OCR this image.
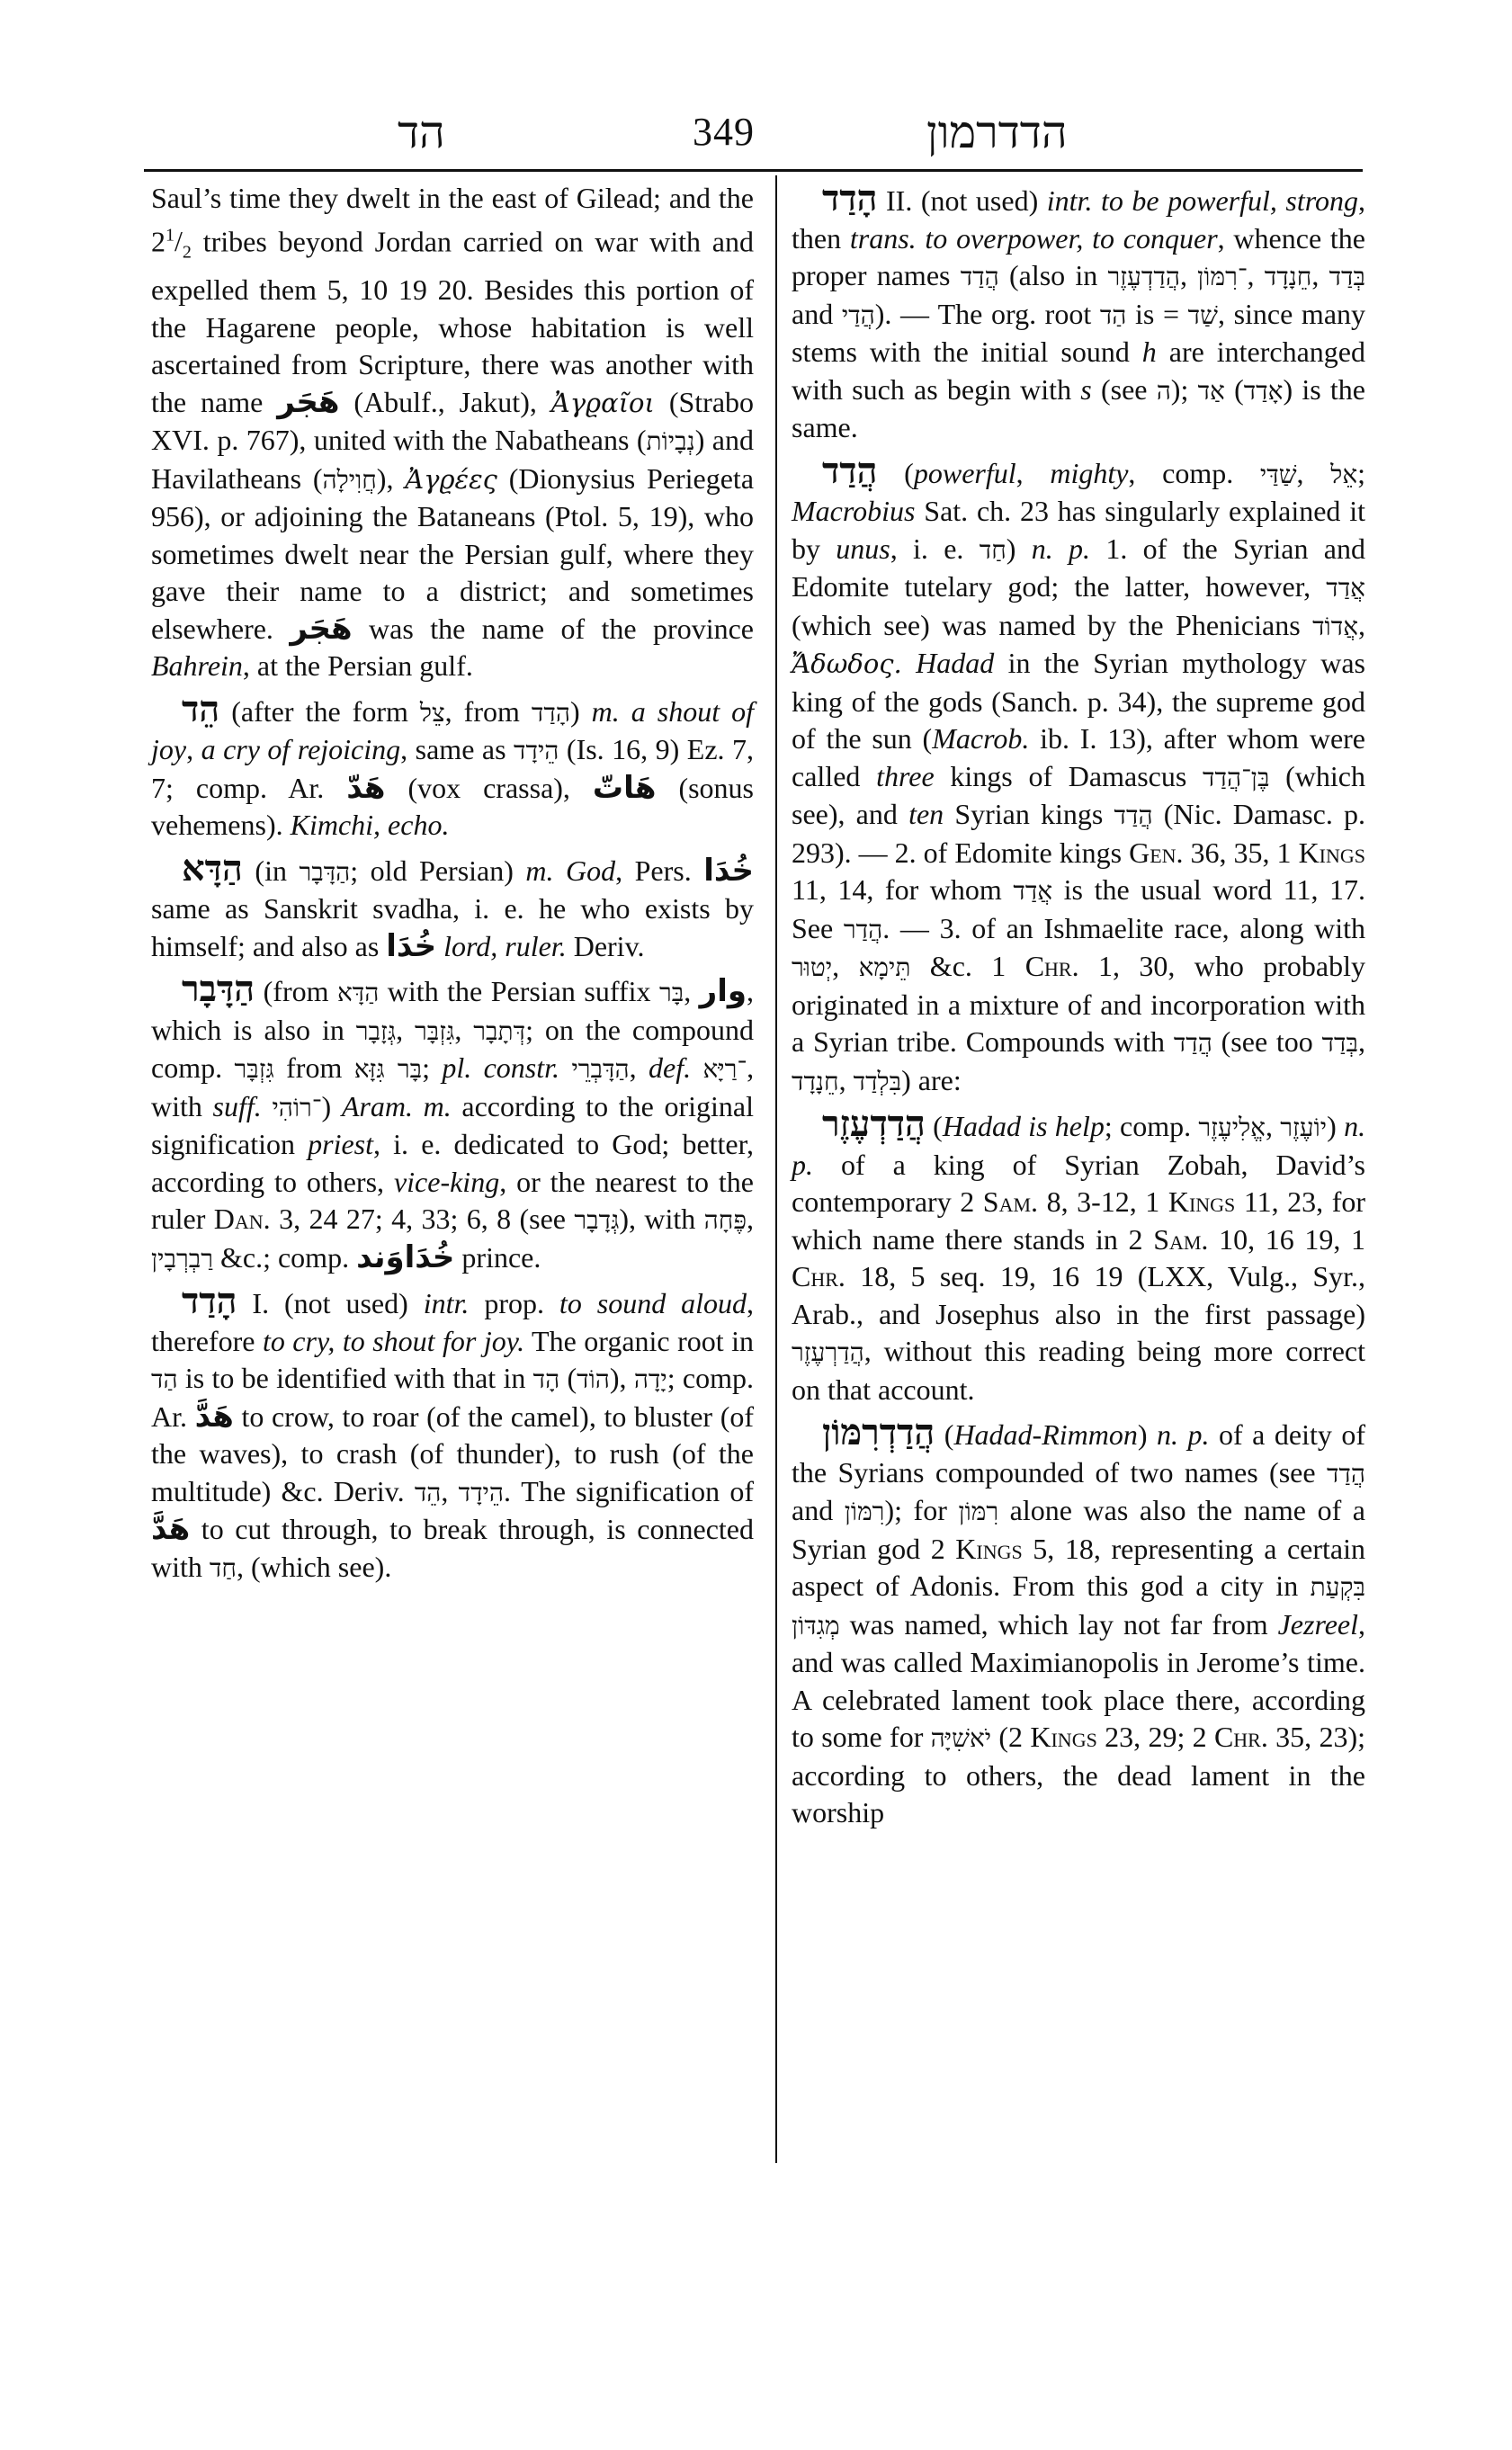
הד	349	הדדרמון

Saul’s time they dwelt in the east of Gilead; and the $2^1/_2$ tribes beyond Jordan carried on war with and expelled them 5, 10 19 20. Besides this portion of the Hagarene people, whose habitation is well ascertained from Scripture, there was another with the name هَجَر (Abulf., Jakut), Ἀγϱαῖοι (Strabo XVI. p. 767), united with the Nabatheans (נְבָיוֹת) and Havilatheans (חֲוִילָה), Ἀγϱέες (Dionysius Periegeta 956), or adjoining the Bataneans (Ptol. 5, 19), who sometimes dwelt near the Persian gulf, where they gave their name to a district; and sometimes elsewhere. هَجَر was the name of the province Bahrein, at the Persian gulf.

הֵד (after the form צֵל, from הָדַד) m. a shout of joy, a cry of rejoicing, same as הֵידָד (Is. 16, 9) Ez. 7, 7; comp. Ar. هَدّ (vox crassa), هَاتّ (sonus vehemens). Kimchi, echo.

הַדָּא (in הַדָּבָר; old Persian) m. God, Pers. خُدَا same as Sanskrit svadha, i. e. he who exists by himself; and also as خُدَا lord, ruler. Deriv.

הַדָּבָר (from הַדָּא with the Persian suffix בָּר, وار, which is also in גְּזָבָר, גִּזְבָּר, דְּתָבָר; on the compound comp. גִּזְבָּר from בָּר גִּזָּא; pl. constr. הַדָּבְרֵי, def. ־רַיָּא, with suff. ־רוֹהִי) Aram. m. according to the original signification priest, i. e. dedicated to God; better, according to others, vice-king, or the nearest to the ruler Dan. 3, 24 27; 4, 33; 6, 8 (see גְּדָבָר), with פֶּחָה, רַבְרְבָין &c.; comp. خُدَاوَند prince.

הָדַד I. (not used) intr. prop. to sound aloud, therefore to cry, to shout for joy. The organic root in הַד is to be identified with that in הָד (הוֹד), יָדָה; comp. Ar. هَدَّ to crow, to roar (of the camel), to bluster (of the waves), to crash (of thunder), to rush (of the multitude) &c. Deriv. הֵד, הֵידָד. The signification of هَدَّ to cut through, to break through, is connected with חַד, (which see).

הָדַד II. (not used) intr. to be powerful, strong, then trans. to overpower, to conquer, whence the proper names הֲדַד (also in הֲדַדְעֶזֶר, ־רִמּוֹן, חֵנָדָד, בְּדַד and הֲדַי). — The org. root הַד is = שַׁד, since many stems with the initial sound h are interchanged with such as begin with s (see ה); אַד (אָדַד) is the same.

הֲדַד (powerful, mighty, comp. שַׁדַּי, אֵל; Macrobius Sat. ch. 23 has singularly explained it by unus, i. e. חַד) n. p. 1. of the Syrian and Edomite tutelary god; the latter, however, אֲדַד (which see) was named by the Phenicians אֲדוֹד, Ἄδωδος. Hadad in the Syrian mythology was king of the gods (Sanch. p. 34), the supreme god of the sun (Macrob. ib. I. 13), after whom were called three kings of Damascus בֶּן־הֲדַד (which see), and ten Syrian kings הֲדַד (Nic. Damasc. p. 293). — 2. of Edomite kings Gen. 36, 35, 1 Kings 11, 14, for whom אֲדַד is the usual word 11, 17. See הֲדַר. — 3. of an Ishmaelite race, along with יְטוּר, תֵּימָא &c. 1 Chr. 1, 30, who probably originated in a mixture of and incorporation with a Syrian tribe. Compounds with הֲדַד (see too בְּדַד, חֵנָדָד, בִּלְדַד) are:

הֲדַדְעֶזֶר (Hadad is help; comp. אֱלִיעֶזֶר, יוֹעֶזֶר) n. p. of a king of Syrian Zobah, David’s contemporary 2 Sam. 8, 3-12, 1 Kings 11, 23, for which name there stands in 2 Sam. 10, 16 19, 1 Chr. 18, 5 seq. 19, 16 19 (LXX, Vulg., Syr., Arab., and Josephus also in the first passage) הֲדַרְעֶזֶר, without this reading being more correct on that account.

הֲדַדְרִמּוֹן (Hadad-Rimmon) n. p. of a deity of the Syrians compounded of two names (see הֲדַד and רִמּוֹן); for רִמּוֹן alone was also the name of a Syrian god 2 Kings 5, 18, representing a certain aspect of Adonis. From this god a city in בִּקְעַת מְגִדּוֹן was named, which lay not far from Jezreel, and was called Maximianopolis in Jerome’s time. A celebrated lament took place there, according to some for יֹאשִׁיָּה (2 Kings 23, 29; 2 Chr. 35, 23); according to others, the dead lament in the worship
